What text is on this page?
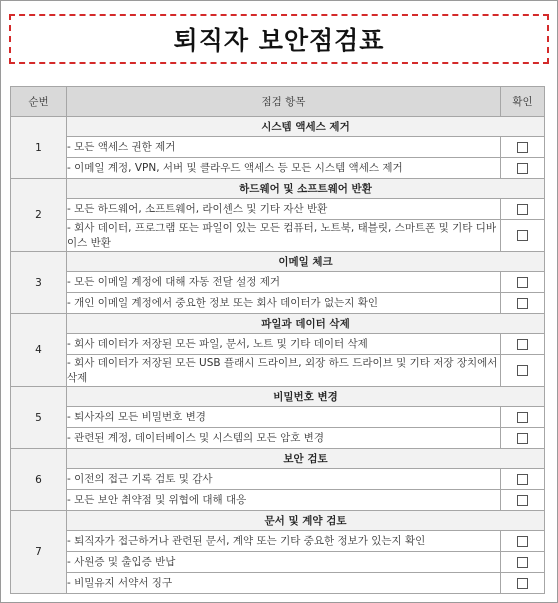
퇴직자 보안점검표
순번	점검 항목	확인
1	시스템 액세스 제거	
	- 모든 액세스 권한 제거	
	- 이메일 계정, VPN, 서버 및 클라우드 액세스 등 모든 시스템 액세스 제거	
2	하드웨어 및 소프트웨어 반환	
	- 모든 하드웨어, 소프트웨어, 라이센스 및 기타 자산 반환	
	- 회사 데이터, 프로그램 또는 파일이 있는 모든 컴퓨터, 노트북, 태블릿, 스마트폰 및 기타 디바이스 반환	
3	이메일 체크	
	- 모든 이메일 계정에 대해 자동 전달 설정 제거	
	- 개인 이메일 계정에서 중요한 정보 또는 회사 데이터가 없는지 확인	
4	파일과 데이터 삭제	
	- 회사 데이터가 저장된 모든 파일, 문서, 노트 및 기타 데이터 삭제	
	- 회사 데이터가 저장된 모든 USB 플래시 드라이브, 외장 하드 드라이브 및 기타 저장 장치에서 삭제	
5	비밀번호 변경	
	- 퇴사자의 모든 비밀번호 변경	
	- 관련된 계정, 데이터베이스 및 시스템의 모든 암호 변경	
6	보안 검토	
	- 이전의 접근 기록 검토 및 감사	
	- 모든 보안 취약점 및 위협에 대해 대응	
7	문서 및 계약 검토	
	- 퇴직자가 접근하거나 관련된 문서, 계약 또는 기타 중요한 정보가 있는지 확인	
	- 사원증 및 출입증 반납	
	- 비밀유지 서약서 징구	
